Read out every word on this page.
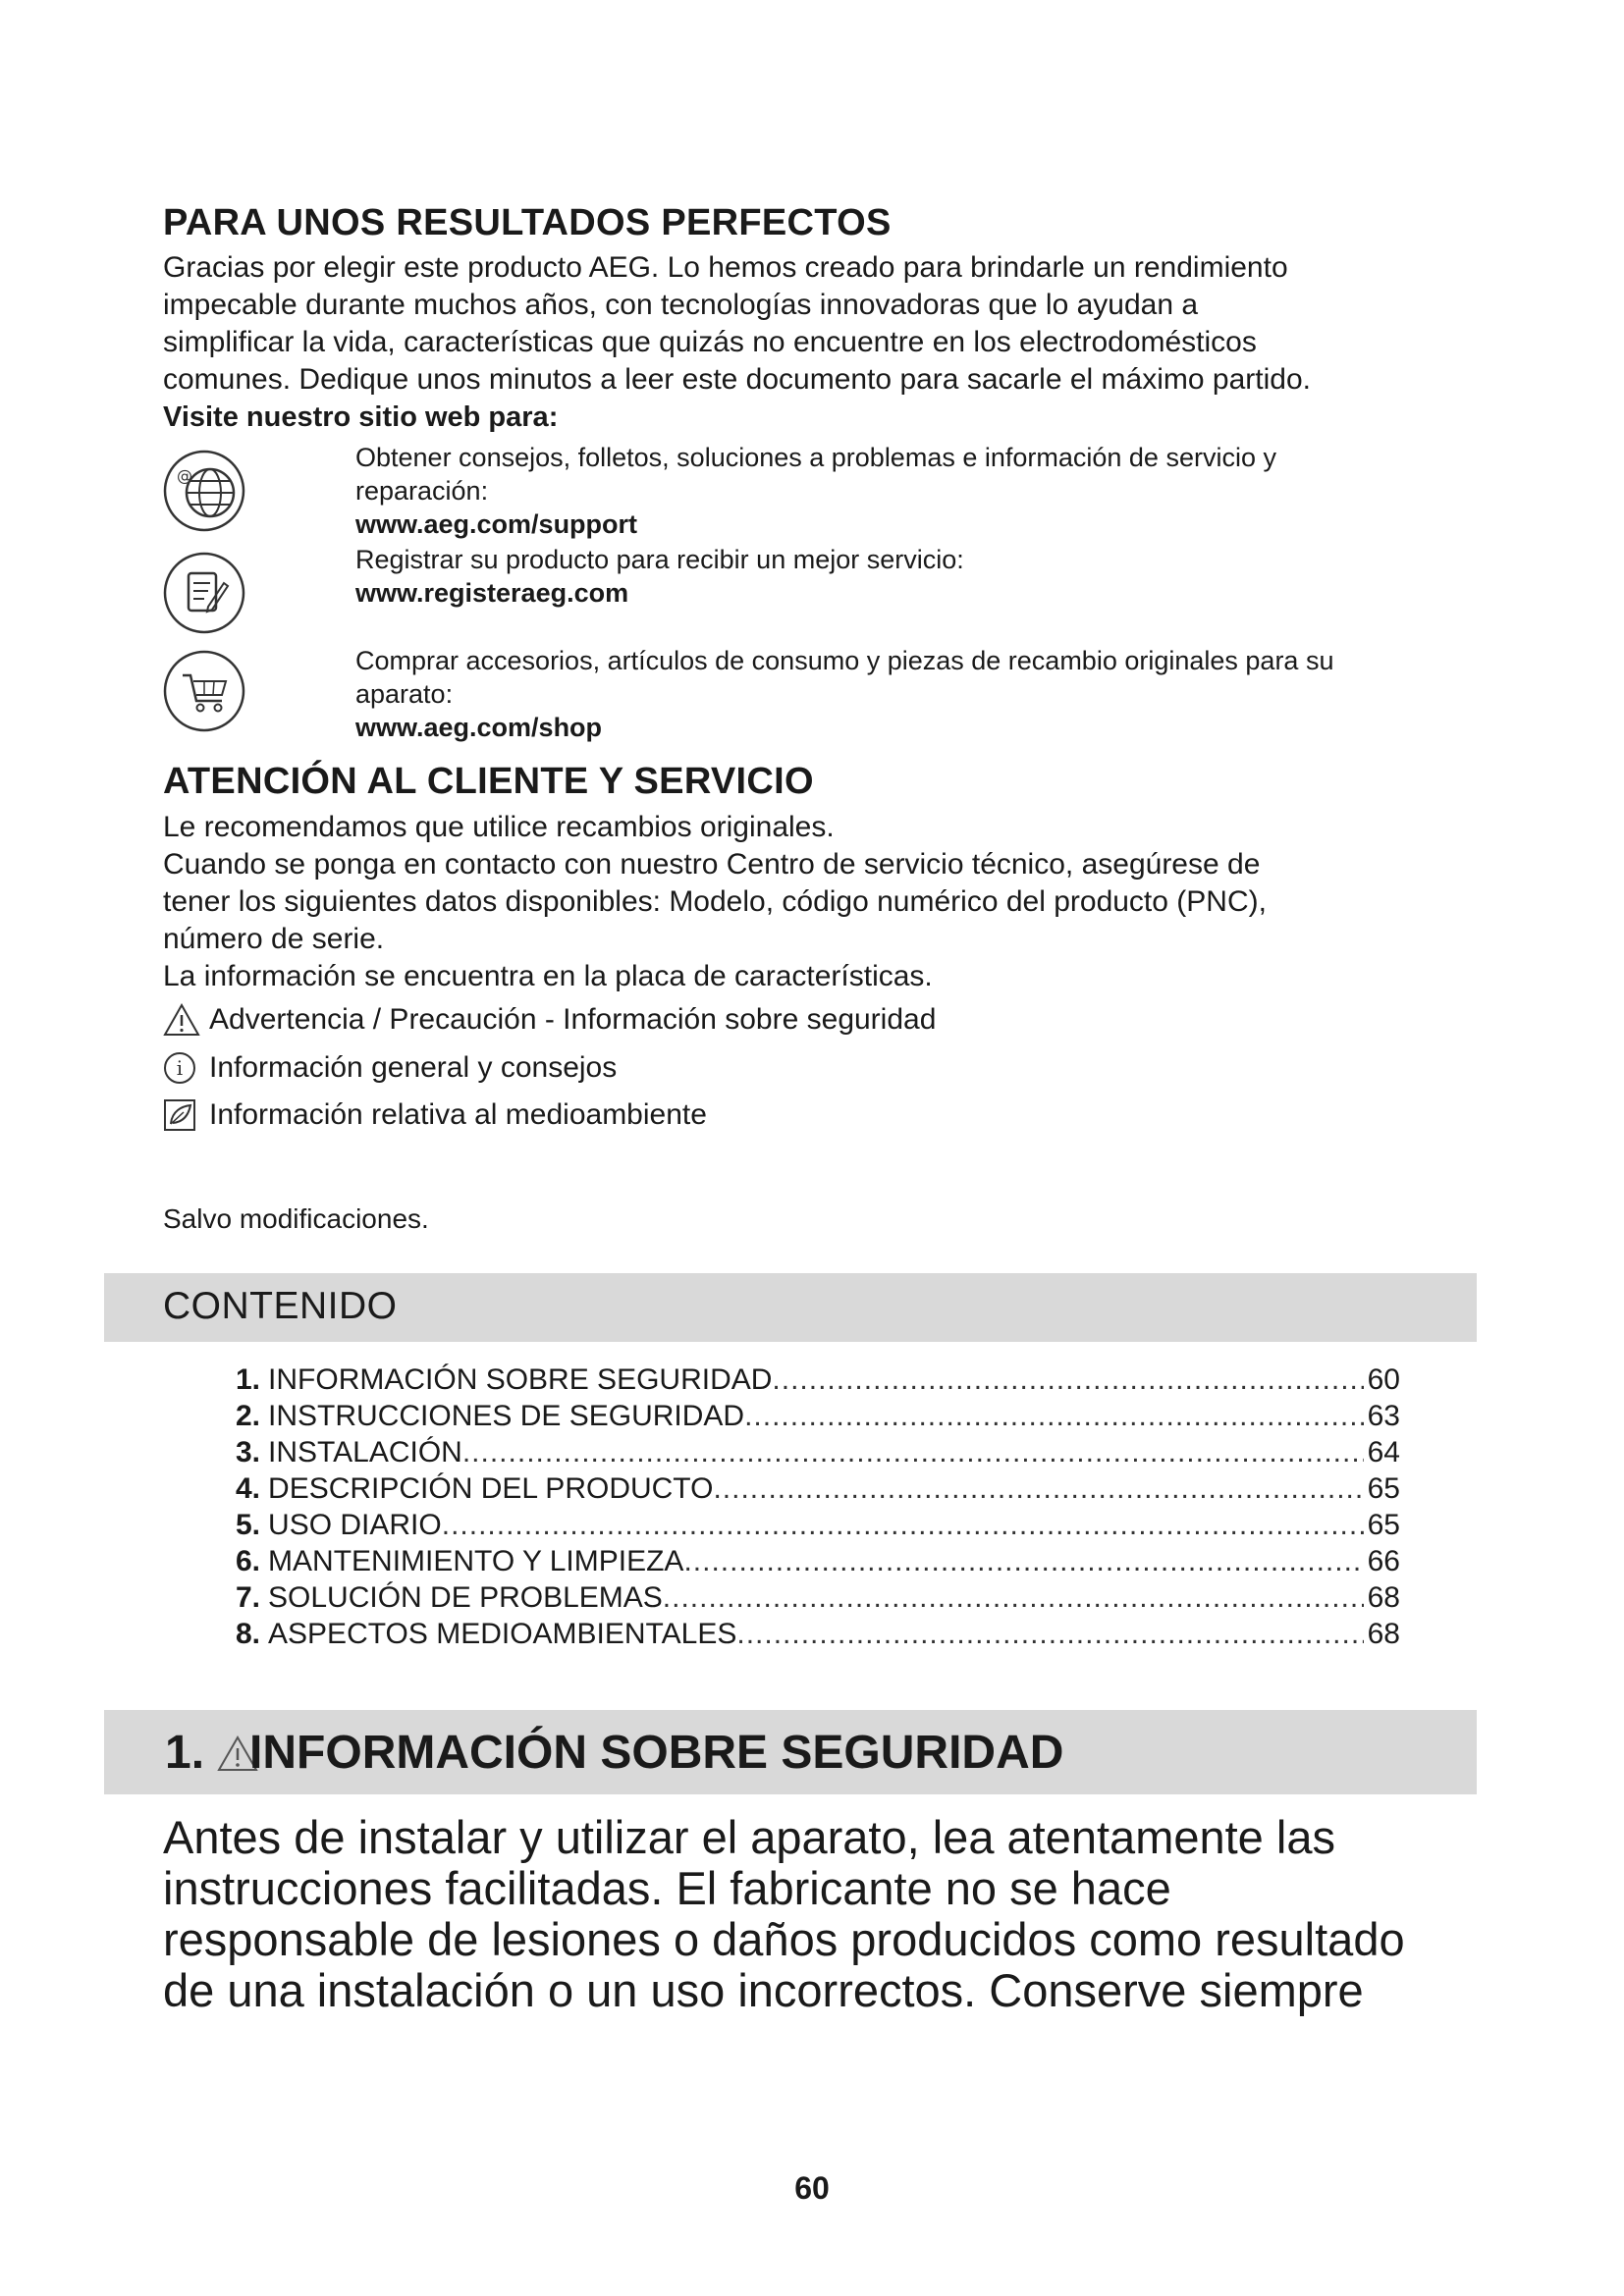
PARA UNOS RESULTADOS PERFECTOS

Gracias por elegir este producto AEG. Lo hemos creado para brindarle un rendimiento

impecable durante muchos años, con tecnologías innovadoras que lo ayudan a

simplificar la vida, características que quizás no encuentre en los electrodomésticos

comunes. Dedique unos minutos a leer este documento para sacarle el máximo partido.

Visite nuestro sitio web para:

@
Obtener consejos, folletos, soluciones a problemas e información de servicio y
reparación:
www.aeg.com/support
Registrar su producto para recibir un mejor servicio:
www.registeraeg.com
Comprar accesorios, artículos de consumo y piezas de recambio originales para su
aparato:
www.aeg.com/shop
ATENCIÓN AL CLIENTE Y SERVICIO

Le recomendamos que utilice recambios originales.

Cuando se ponga en contacto con nuestro Centro de servicio técnico, asegúrese de

tener los siguientes datos disponibles: Modelo, código numérico del producto (PNC),

número de serie.

La información se encuentra en la placa de características.

Advertencia / Precaución - Información sobre seguridad
i Información general y consejos
Información relativa al medioambiente
Salvo modificaciones.
CONTENIDO
1. INFORMACIÓN SOBRE SEGURIDAD .....	60
2. INSTRUCCIONES DE SEGURIDAD .....	63
3. INSTALACIÓN .....	64
4. DESCRIPCIÓN DEL PRODUCTO .....	65
5. USO DIARIO .....	65
6. MANTENIMIENTO Y LIMPIEZA .....	66
7. SOLUCIÓN DE PROBLEMAS .....	68
8. ASPECTOS MEDIOAMBIENTALES .....	68
1. INFORMACIÓN SOBRE SEGURIDAD

Antes de instalar y utilizar el aparato, lea atentamente las

instrucciones facilitadas. El fabricante no se hace

responsable de lesiones o daños producidos como resultado

de una instalación o un uso incorrectos. Conserve siempre

60
